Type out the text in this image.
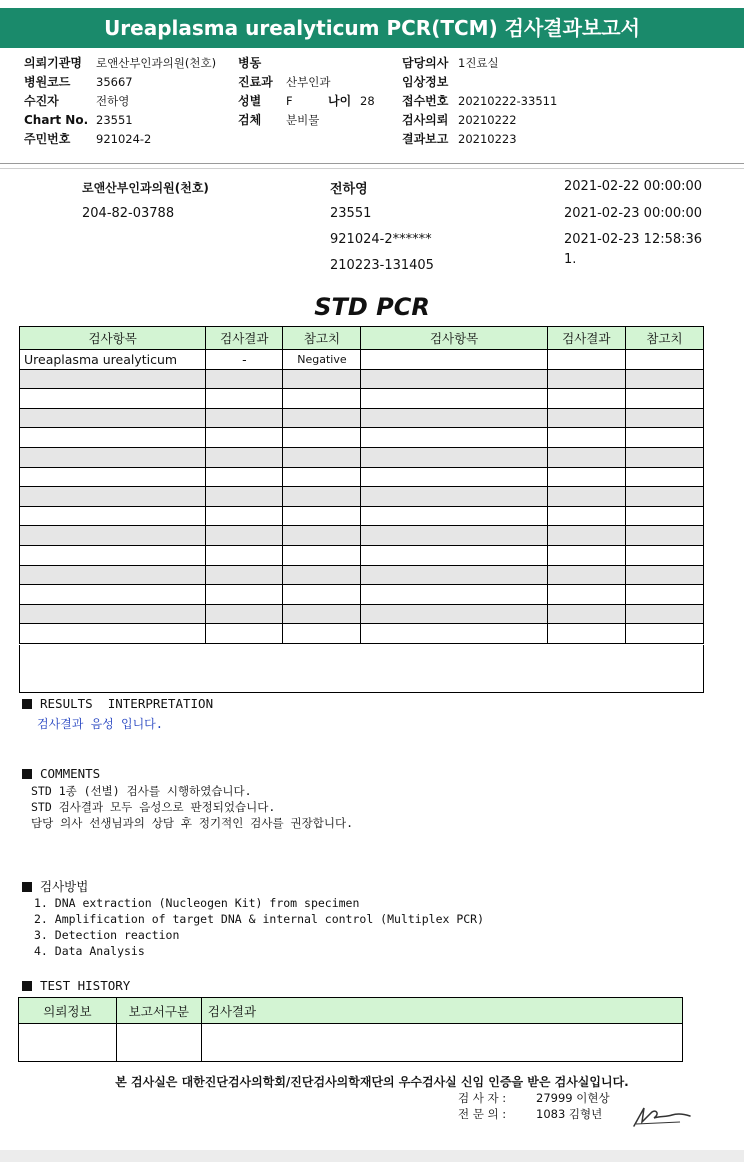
Ureaplasma urealyticum PCR(TCM) 검사결과보고서
의뢰기관명 로앤산부인과의원(천호)
병원코드 35667
수진자	전하영
Chart No. 23551
주민번호 921024-2
병동
진료과 산부인과
성별 F	나이 28
검체 분비물
담당의사 1진료실
임상정보
접수번호 20210222-33511
검사의뢰 20210222
결과보고 20210223
로앤산부인과의원(천호)
204-82-03788
전하영
23551
921024-2******
210223-131405
2021-02-22 00:00:00
2021-02-23 00:00:00
2021-02-23 12:58:36
1.
STD PCR
검사항목	검사결과	참고치	검사항목	검사결과	참고치
Ureaplasma urealyticum	-	Negative			

RESULTS  INTERPRETATION
검사결과 음성 입니다.
COMMENTS
STD 1종 (선별) 검사를 시행하였습니다.
STD 검사결과 모두 음성으로 판정되었습니다.
담당 의사 선생님과의 상담 후 정기적인 검사를 권장합니다.
검사방법
1. DNA extraction (Nucleogen Kit) from specimen
2. Amplification of target DNA & internal control (Multiplex PCR)
3. Detection reaction
4. Data Analysis
TEST HISTORY
의뢰정보	보고서구분	검사결과

본 검사실은 대한진단검사의학회/진단검사의학재단의 우수검사실 신임 인증을 받은 검사실입니다.
검 사 자 :	27999 이현상
전 문 의 :	1083 김형년
